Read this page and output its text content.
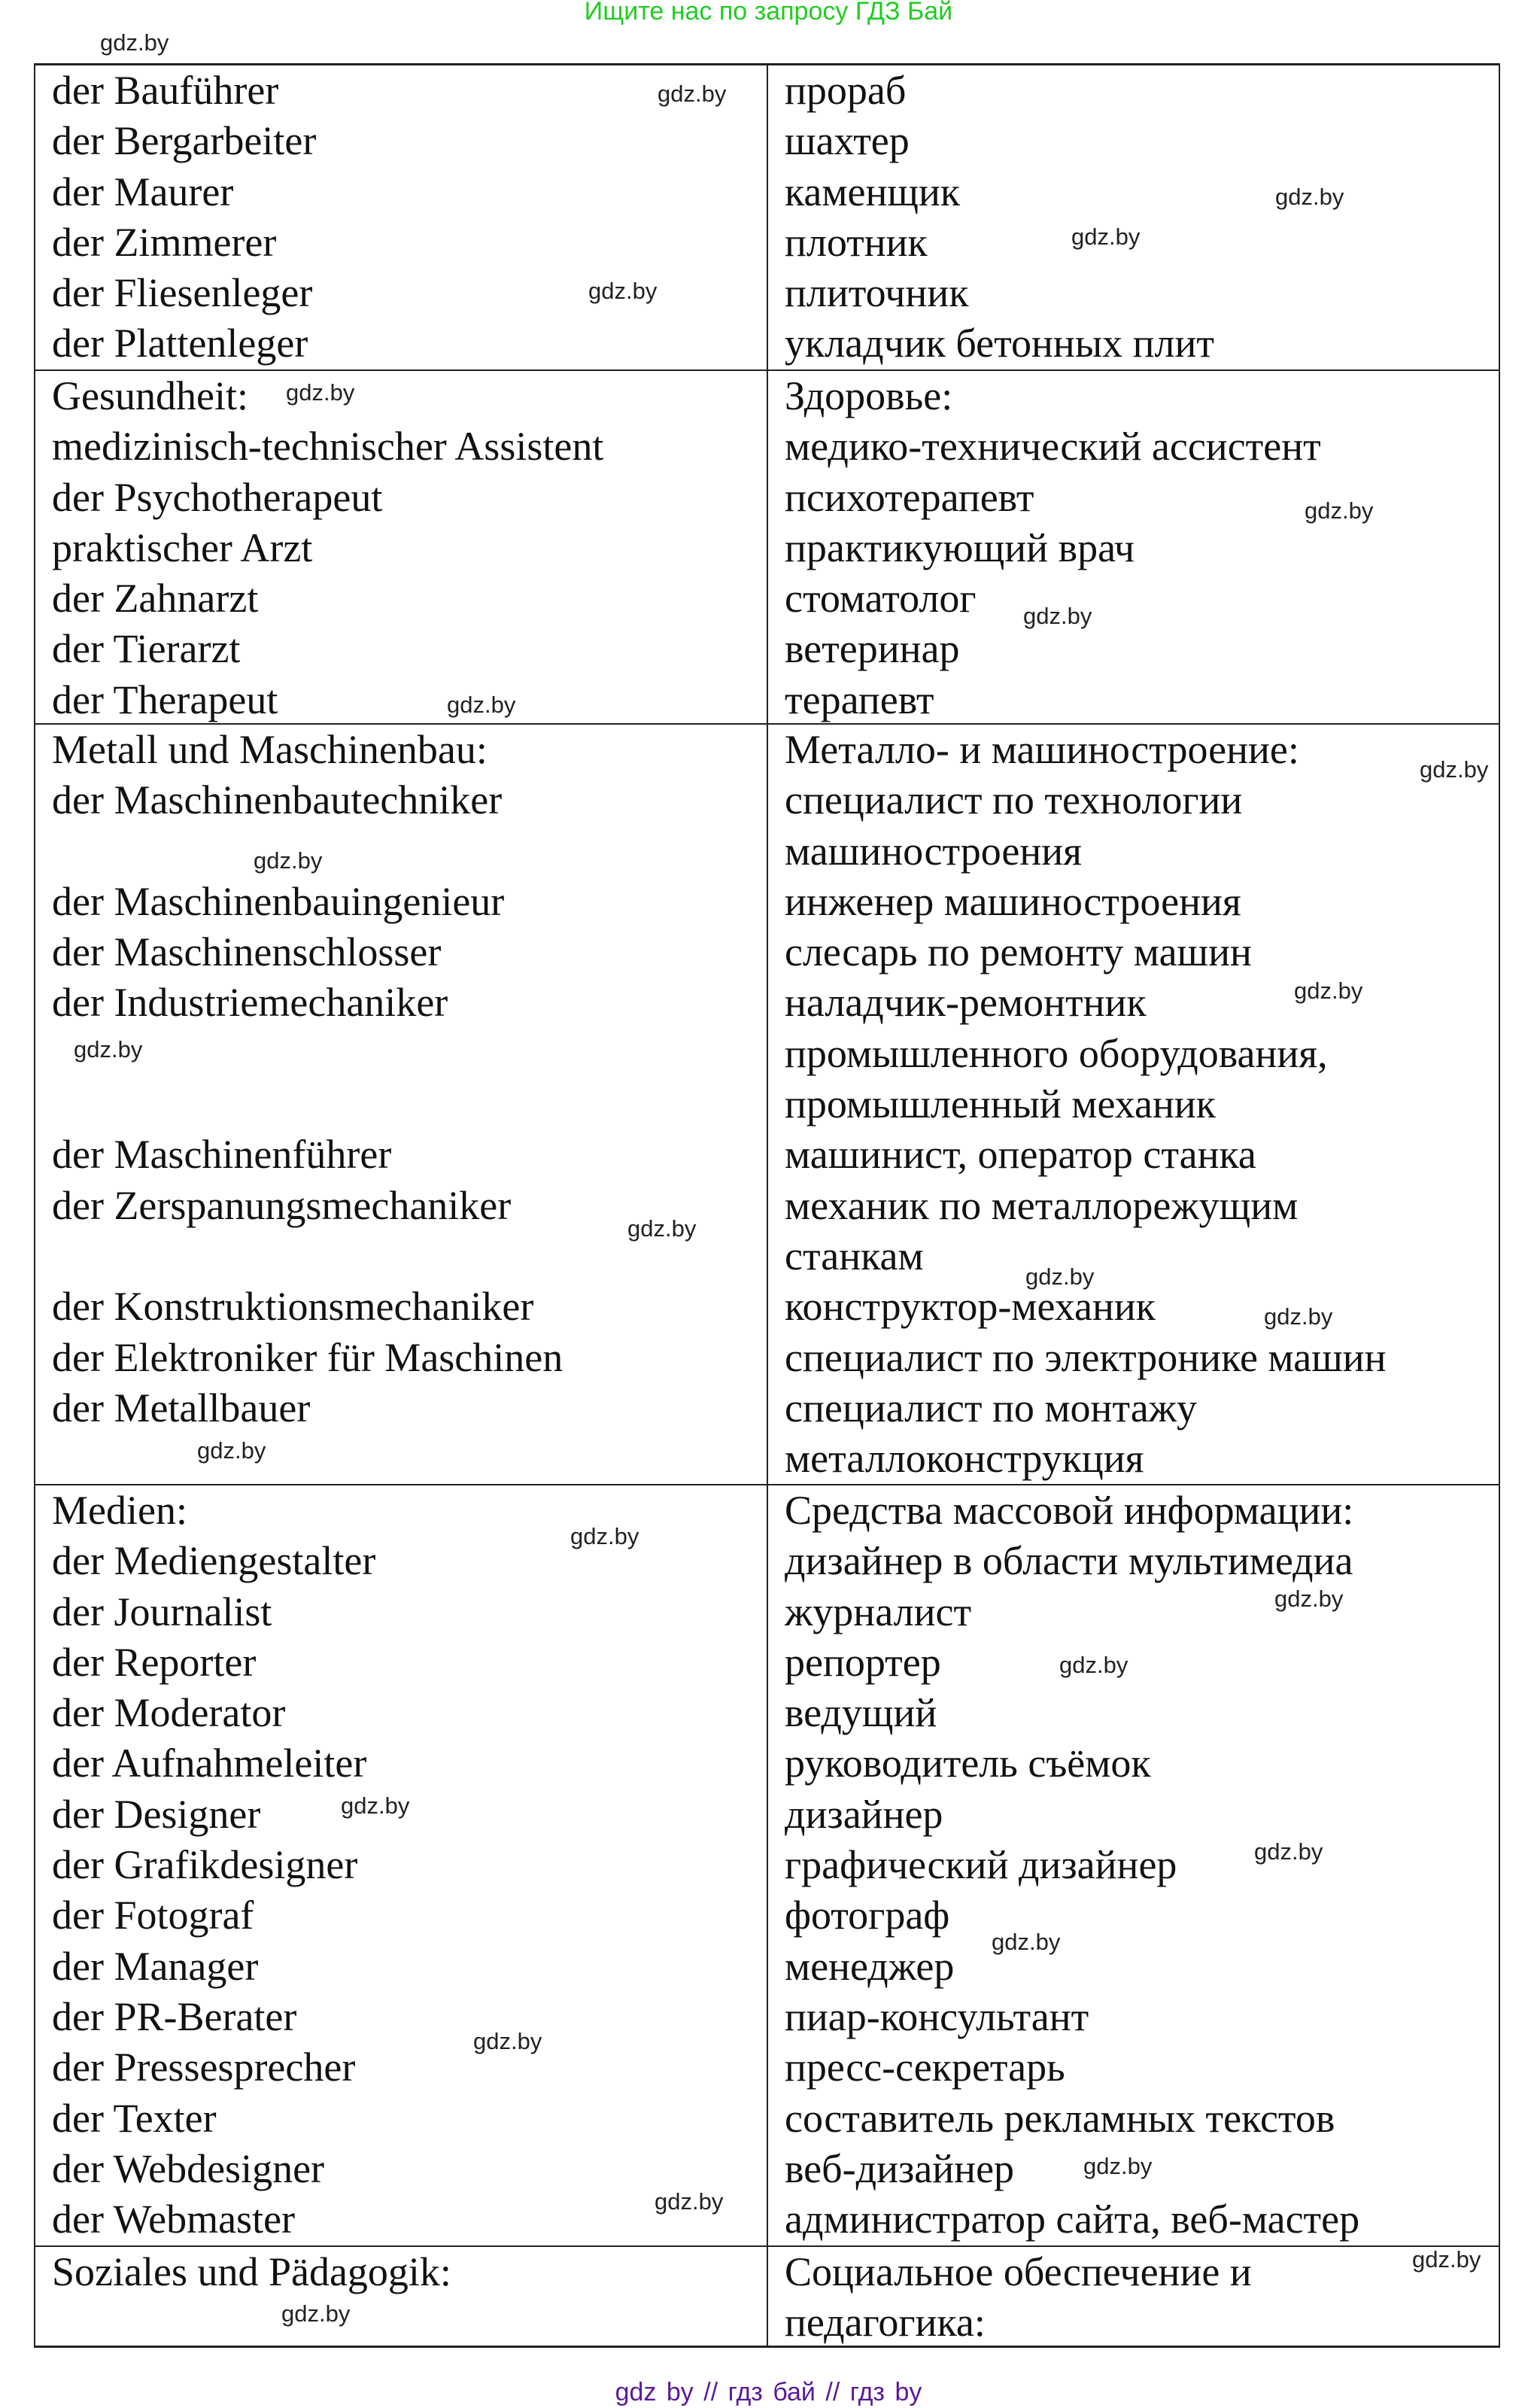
Ищите нас по запросу ГДЗ Бай
der Bauführer
der Bergarbeiter
der Maurer
der Zimmerer
der Fliesenleger
der Plattenleger
прораб
шахтер
каменщик
плотник
плиточник
укладчик бетонных плит
Gesundheit:
medizinisch-technischer Assistent
der Psychotherapeut
praktischer Arzt
der Zahnarzt
der Tierarzt
der Therapeut
Здоровье:
медико-технический ассистент
психотерапевт
практикующий врач
стоматолог
ветеринар
терапевт
Metall und Maschinenbau:
der Maschinenbautechniker
der Maschinenbauingenieur
der Maschinenschlosser
der Industriemechaniker
der Maschinenführer
der Zerspanungsmechaniker
der Konstruktionsmechaniker
der Elektroniker für Maschinen
der Metallbauer
Металло- и машиностроение:
специалист по технологии
машиностроения
инженер машиностроения
слесарь по ремонту машин
наладчик-ремонтник
промышленного оборудования,
промышленный механик
машинист, оператор станка
механик по металлорежущим
станкам
конструктор-механик
специалист по электронике машин
специалист по монтажу
металлоконструкция
Medien:
der Mediengestalter
der Journalist
der Reporter
der Moderator
der Aufnahmeleiter
der Designer
der Grafikdesigner
der Fotograf
der Manager
der PR-Berater
der Pressesprecher
der Texter
der Webdesigner
der Webmaster
Средства массовой информации:
дизайнер в области мультимедиа
журналист
репортер
ведущий
руководитель съёмок
дизайнер
графический дизайнер
фотограф
менеджер
пиар-консультант
пресс-секретарь
составитель рекламных текстов
веб-дизайнер
администратор сайта, веб-мастер
Soziales und Pädagogik:	Социальное обеспечение и
педагогика:
gdz by // гдз бай // гдз by
gdz.by
gdz.by
gdz.by
gdz.by
gdz.by
gdz.by
gdz.by
gdz.by
gdz.by
gdz.by
gdz.by
gdz.by
gdz.by
gdz.by
gdz.by
gdz.by
gdz.by
gdz.by
gdz.by
gdz.by
gdz.by
gdz.by
gdz.by
gdz.by
gdz.by
gdz.by
gdz.by
gdz.by
